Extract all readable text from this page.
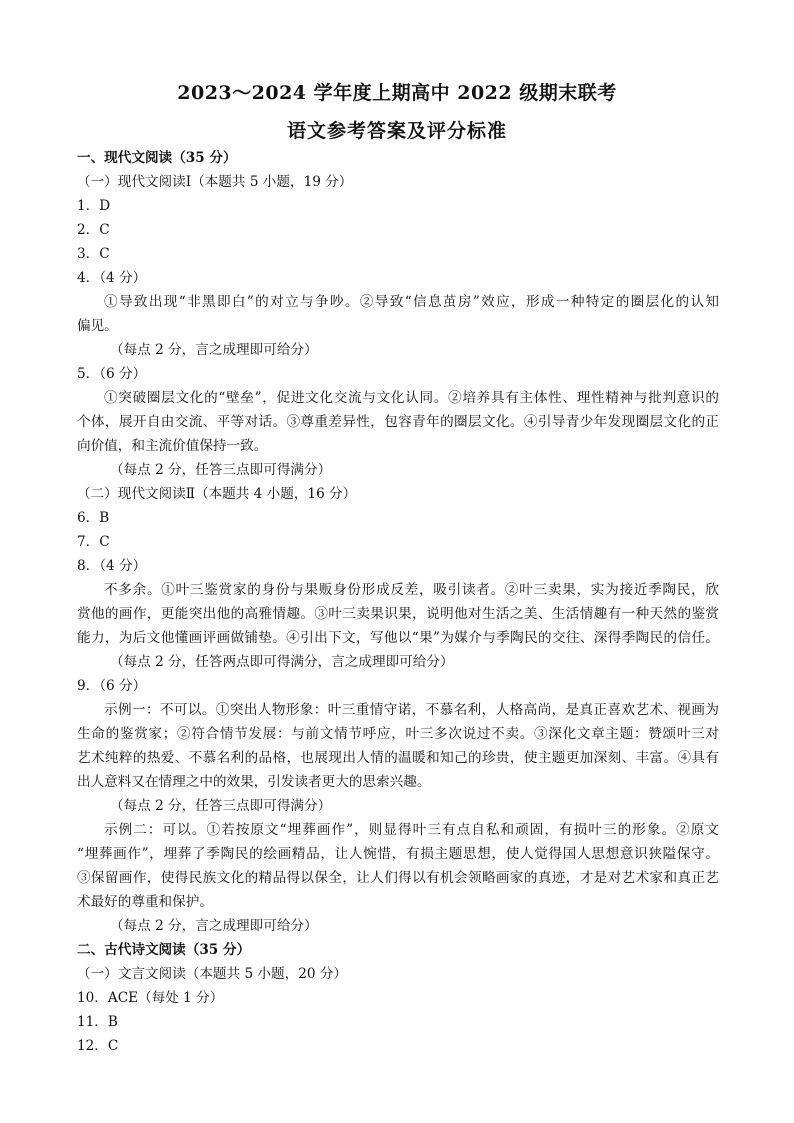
2023～2024 学年度上期高中 2022 级期末联考
语文参考答案及评分标准
一、现代文阅读（35 分）
（一）现代文阅读Ⅰ（本题共 5 小题，19 分）
1．D
2．C
3．C
4．（4 分）
①导致出现“非黑即白”的对立与争吵。②导致“信息茧房”效应，形成一种特定的圈层化的认知
偏见。
（每点 2 分，言之成理即可给分）
5．（6 分）
①突破圈层文化的“壁垒”，促进文化交流与文化认同。②培养具有主体性、理性精神与批判意识的
个体，展开自由交流、平等对话。③尊重差异性，包容青年的圈层文化。④引导青少年发现圈层文化的正
向价值，和主流价值保持一致。
（每点 2 分，任答三点即可得满分）
（二）现代文阅读Ⅱ（本题共 4 小题，16 分）
6．B
7．C
8．（4 分）
不多余。①叶三鉴赏家的身份与果贩身份形成反差，吸引读者。②叶三卖果，实为接近季陶民，欣
赏他的画作，更能突出他的高雅情趣。③叶三卖果识果，说明他对生活之美、生活情趣有一种天然的鉴赏
能力，为后文他懂画评画做铺垫。④引出下文，写他以“果”为媒介与季陶民的交往、深得季陶民的信任。
（每点 2 分，任答两点即可得满分，言之成理即可给分）
9．（6 分）
示例一：不可以。①突出人物形象：叶三重情守诺，不慕名利，人格高尚，是真正喜欢艺术、视画为
生命的鉴赏家；②符合情节发展：与前文情节呼应，叶三多次说过不卖。③深化文章主题：赞颂叶三对
艺术纯粹的热爱、不慕名利的品格，也展现出人情的温暖和知己的珍贵，使主题更加深刻、丰富。④具有
出人意料又在情理之中的效果，引发读者更大的思索兴趣。
（每点 2 分，任答三点即可得满分）
示例二：可以。①若按原文“埋葬画作”，则显得叶三有点自私和顽固，有损叶三的形象。②原文
“埋葬画作”，埋葬了季陶民的绘画精品，让人惋惜，有损主题思想，使人觉得国人思想意识狭隘保守。
③保留画作，使得民族文化的精品得以保全，让人们得以有机会领略画家的真迹，才是对艺术家和真正艺
术最好的尊重和保护。
（每点 2 分，言之成理即可给分）
二、古代诗文阅读（35 分）
（一）文言文阅读（本题共 5 小题，20 分）
10．ACE（每处 1 分）
11．B
12．C
